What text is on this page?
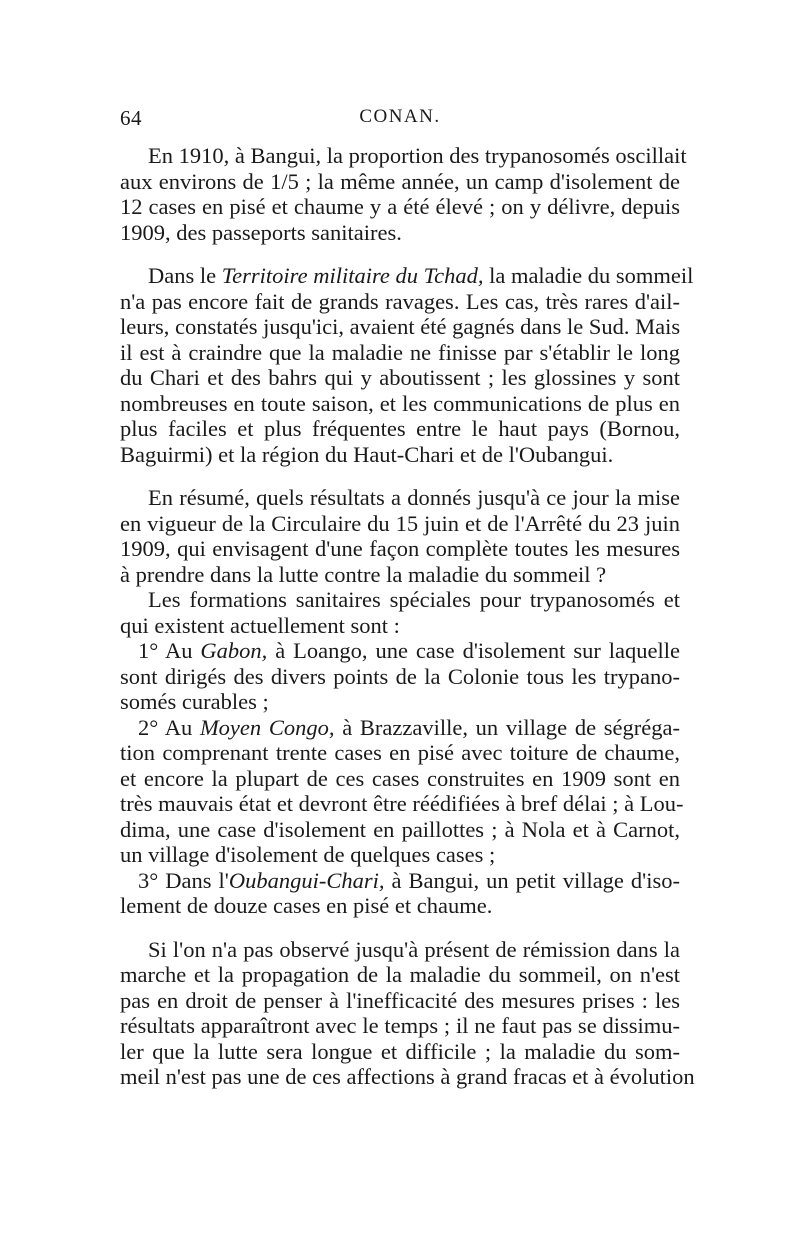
64	CONAN.

En 1910, à Bangui, la proportion des trypanosomés oscillait
aux environs de 1/5 ; la même année, un camp d'isolement de
12 cases en pisé et chaume y a été élevé ; on y délivre, depuis
1909, des passeports sanitaires.

Dans le Territoire militaire du Tchad, la maladie du sommeil
n'a pas encore fait de grands ravages. Les cas, très rares d'ail-
leurs, constatés jusqu'ici, avaient été gagnés dans le Sud. Mais
il est à craindre que la maladie ne finisse par s'établir le long
du Chari et des bahrs qui y aboutissent ; les glossines y sont
nombreuses en toute saison, et les communications de plus en
plus faciles et plus fréquentes entre le haut pays (Bornou,
Baguirmi) et la région du Haut-Chari et de l'Oubangui.

En résumé, quels résultats a donnés jusqu'à ce jour la mise
en vigueur de la Circulaire du 15 juin et de l'Arrêté du 23 juin
1909, qui envisagent d'une façon complète toutes les mesures
à prendre dans la lutte contre la maladie du sommeil ?

Les formations sanitaires spéciales pour trypanosomés et
qui existent actuellement sont :

1° Au Gabon, à Loango, une case d'isolement sur laquelle
sont dirigés des divers points de la Colonie tous les trypano-
somés curables ;

2° Au Moyen Congo, à Brazzaville, un village de ségréga-
tion comprenant trente cases en pisé avec toiture de chaume,
et encore la plupart de ces cases construites en 1909 sont en
très mauvais état et devront être réédifiées à bref délai ; à Lou-
dima, une case d'isolement en paillottes ; à Nola et à Carnot,
un village d'isolement de quelques cases ;

3° Dans l'Oubangui-Chari, à Bangui, un petit village d'iso-
lement de douze cases en pisé et chaume.

Si l'on n'a pas observé jusqu'à présent de rémission dans la
marche et la propagation de la maladie du sommeil, on n'est
pas en droit de penser à l'inefficacité des mesures prises : les
résultats apparaîtront avec le temps ; il ne faut pas se dissimu-
ler que la lutte sera longue et difficile ; la maladie du som-
meil n'est pas une de ces affections à grand fracas et à évolution
